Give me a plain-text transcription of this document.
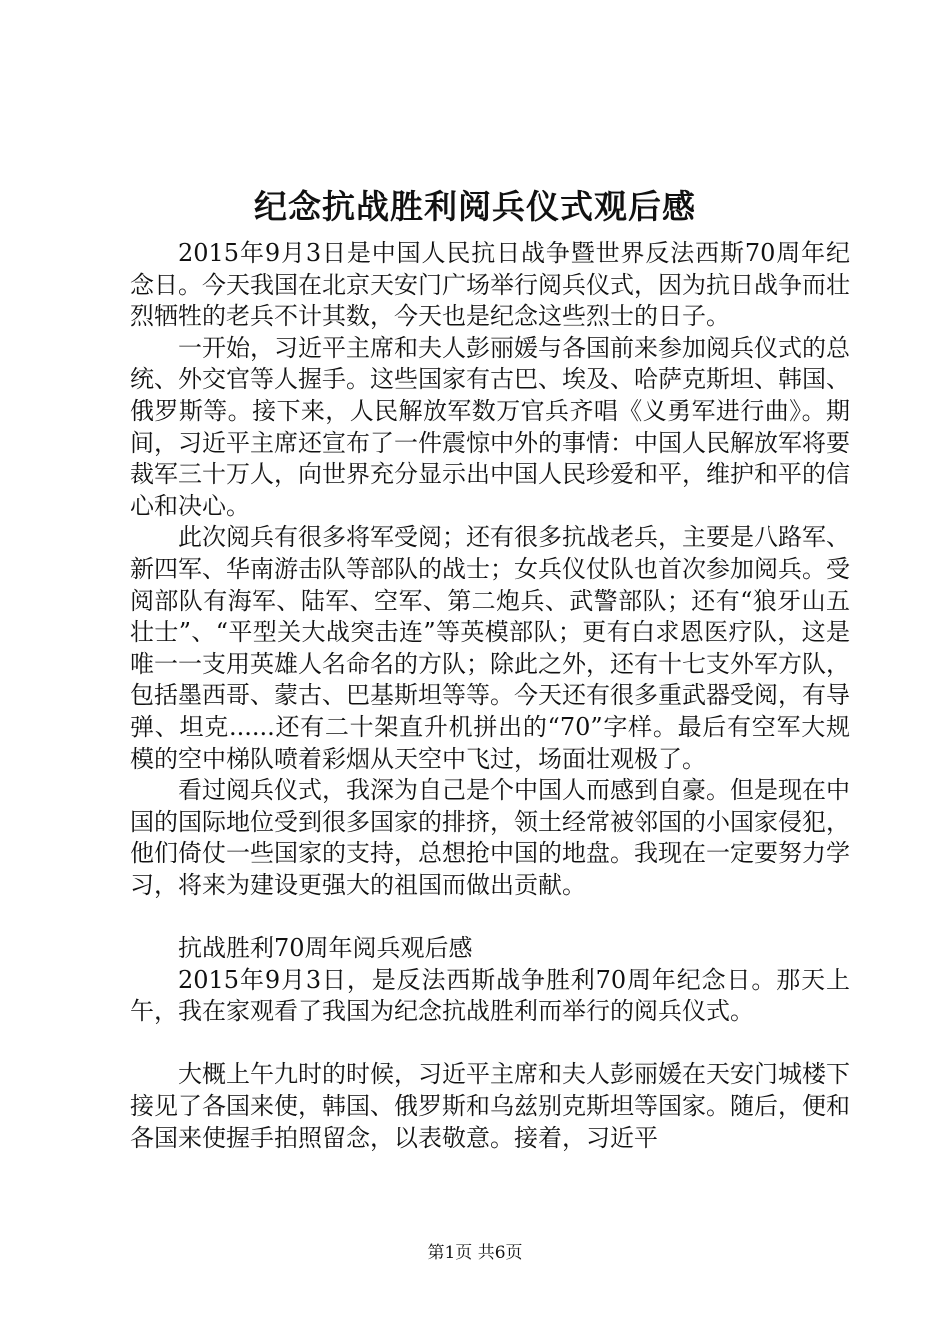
纪念抗战胜利阅兵仪式观后感

2015年9月3日是中国人民抗日战争暨世界反法西斯70周年纪念日。今天我国在北京天安门广场举行阅兵仪式，因为抗日战争而壮烈牺牲的老兵不计其数，今天也是纪念这些烈士的日子。

一开始，习近平主席和夫人彭丽媛与各国前来参加阅兵仪式的总统、外交官等人握手。这些国家有古巴、埃及、哈萨克斯坦、韩国、俄罗斯等。接下来，人民解放军数万官兵齐唱《义勇军进行曲》。期间，习近平主席还宣布了一件震惊中外的事情：中国人民解放军将要裁军三十万人，向世界充分显示出中国人民珍爱和平，维护和平的信心和决心。

此次阅兵有很多将军受阅；还有很多抗战老兵，主要是八路军、新四军、华南游击队等部队的战士；女兵仪仗队也首次参加阅兵。受阅部队有海军、陆军、空军、第二炮兵、武警部队；还有“狼牙山五壮士”、“平型关大战突击连”等英模部队；更有白求恩医疗队，这是唯一一支用英雄人名命名的方队；除此之外，还有十七支外军方队，包括墨西哥、蒙古、巴基斯坦等等。今天还有很多重武器受阅，有导弹、坦克......还有二十架直升机拼出的“70”字样。最后有空军大规模的空中梯队喷着彩烟从天空中飞过，场面壮观极了。

看过阅兵仪式，我深为自己是个中国人而感到自豪。但是现在中国的国际地位受到很多国家的排挤，领土经常被邻国的小国家侵犯，他们倚仗一些国家的支持，总想抢中国的地盘。我现在一定要努力学习，将来为建设更强大的祖国而做出贡献。

抗战胜利70周年阅兵观后感

2015年9月3日，是反法西斯战争胜利70周年纪念日。那天上午，我在家观看了我国为纪念抗战胜利而举行的阅兵仪式。

大概上午九时的时候，习近平主席和夫人彭丽媛在天安门城楼下接见了各国来使，韩国、俄罗斯和乌兹别克斯坦等国家。随后，便和各国来使握手拍照留念，以表敬意。接着，习近平

第1页 共6页
